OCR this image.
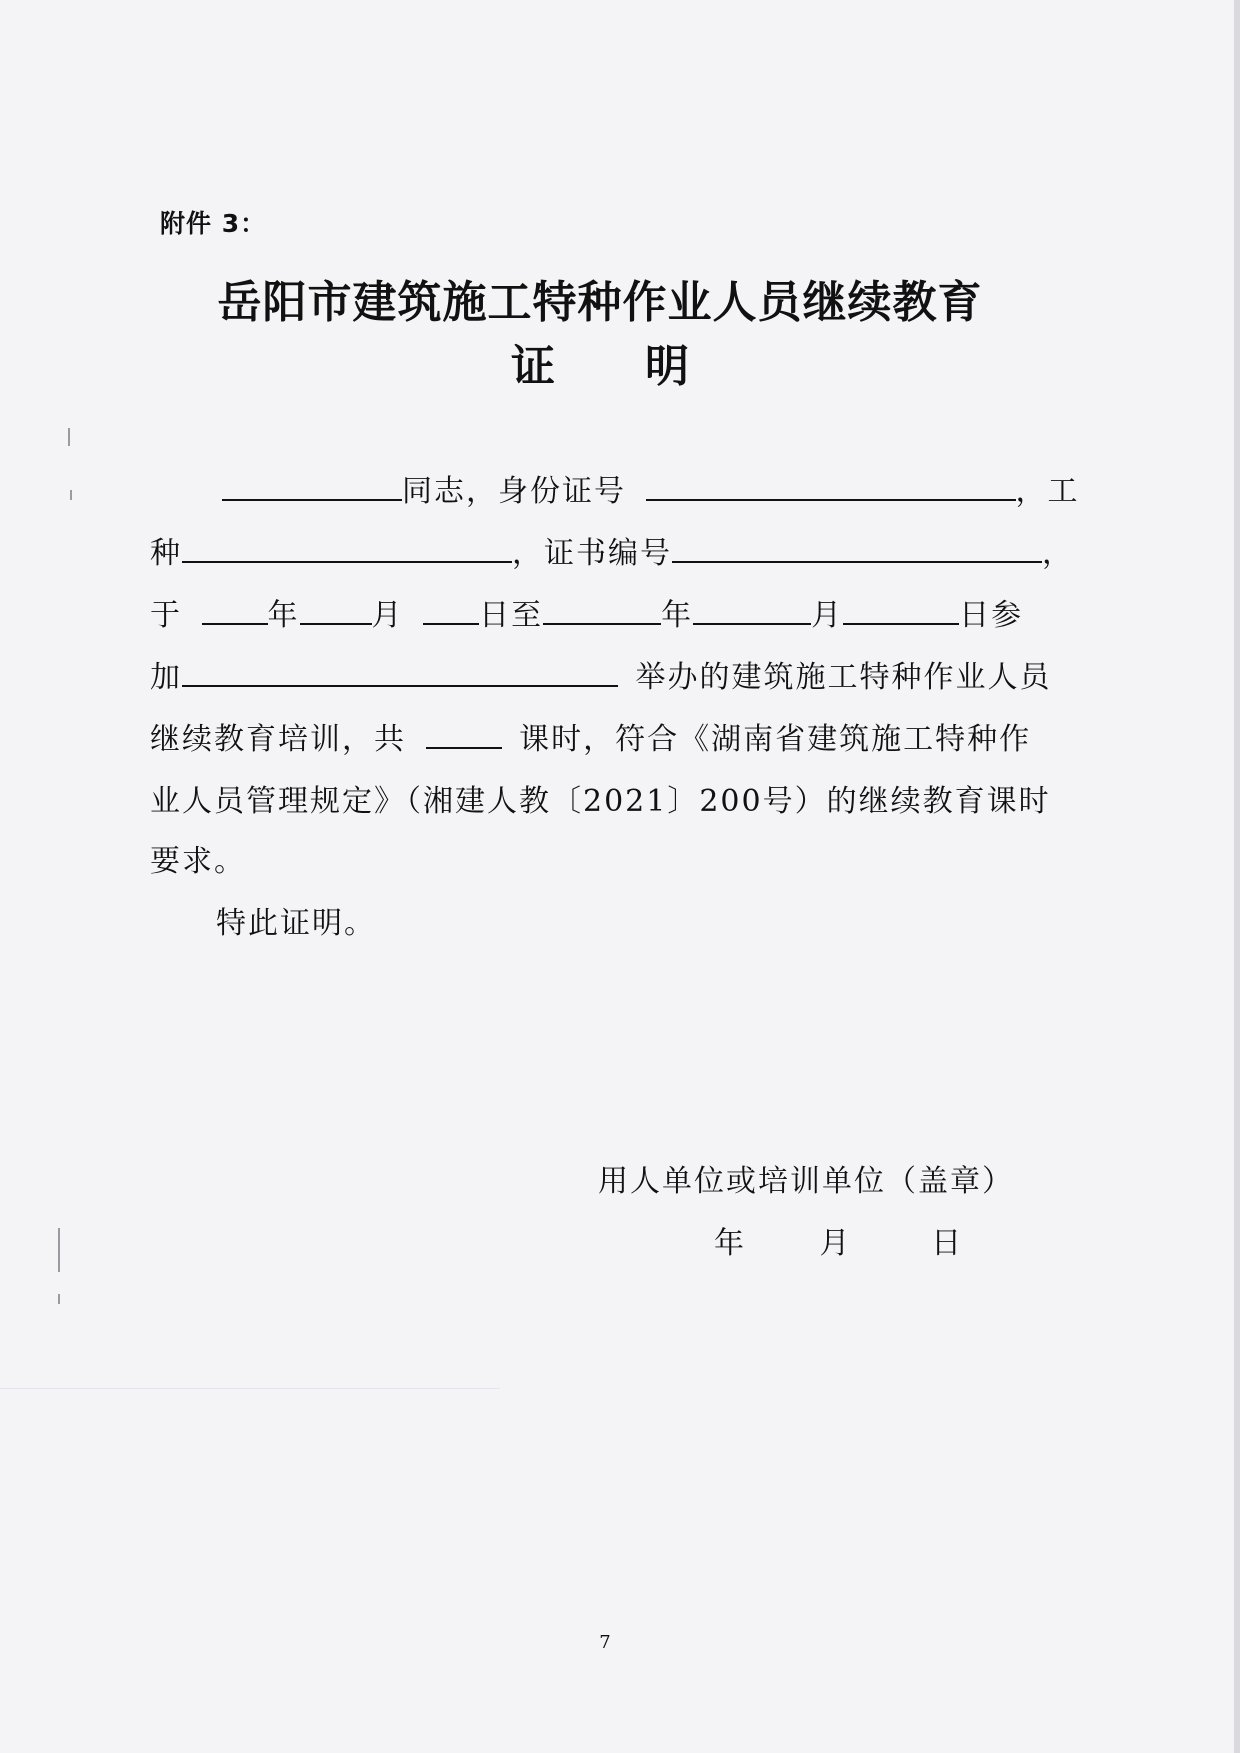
附件 3：
岳阳市建筑施工特种作业人员继续教育
证明
同志，身份证号	，工
种	，证书编号	，
于	年 月	日至	年	月	日参
加	举办的建筑施工特种作业人员
继续教育培训，共	课时，符合《湖南省建筑施工特种作
业人员管理规定》（湘建人教〔2021〕200号）的继续教育课时
要求。
特此证明。
用人单位或培训单位（盖章）
年 月	日
7
